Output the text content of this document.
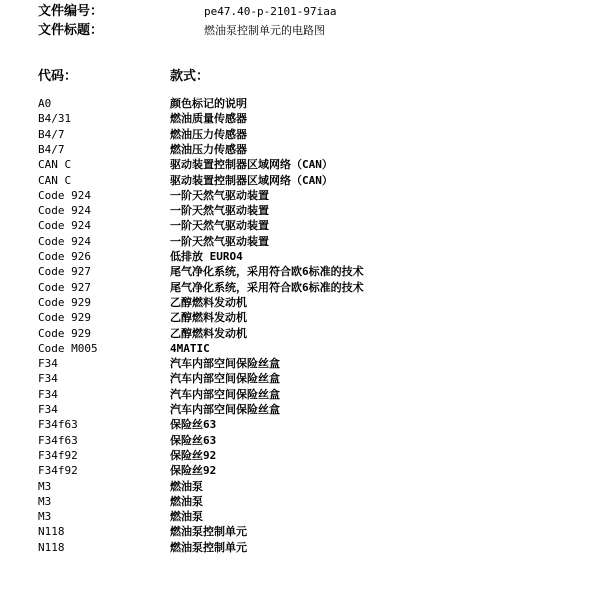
文件编号：	pe47.40-p-2101-97iaa
文件标题：	燃油泵控制单元的电路图
代码：	款式：
A0	颜色标记的说明
B4/31	燃油质量传感器
B4/7	燃油压力传感器
B4/7	燃油压力传感器
CAN C	驱动装置控制器区域网络（CAN）
CAN C	驱动装置控制器区域网络（CAN）
Code 924	一阶天然气驱动装置
Code 924	一阶天然气驱动装置
Code 924	一阶天然气驱动装置
Code 924	一阶天然气驱动装置
Code 926	低排放 EURO4
Code 927	尾气净化系统，采用符合欧6标准的技术
Code 927	尾气净化系统，采用符合欧6标准的技术
Code 929	乙醇燃料发动机
Code 929	乙醇燃料发动机
Code 929	乙醇燃料发动机
Code M005	4MATIC
F34	汽车内部空间保险丝盒
F34	汽车内部空间保险丝盒
F34	汽车内部空间保险丝盒
F34	汽车内部空间保险丝盒
F34f63	保险丝63
F34f63	保险丝63
F34f92	保险丝92
F34f92	保险丝92
M3	燃油泵
M3	燃油泵
M3	燃油泵
N118	燃油泵控制单元
N118	燃油泵控制单元
